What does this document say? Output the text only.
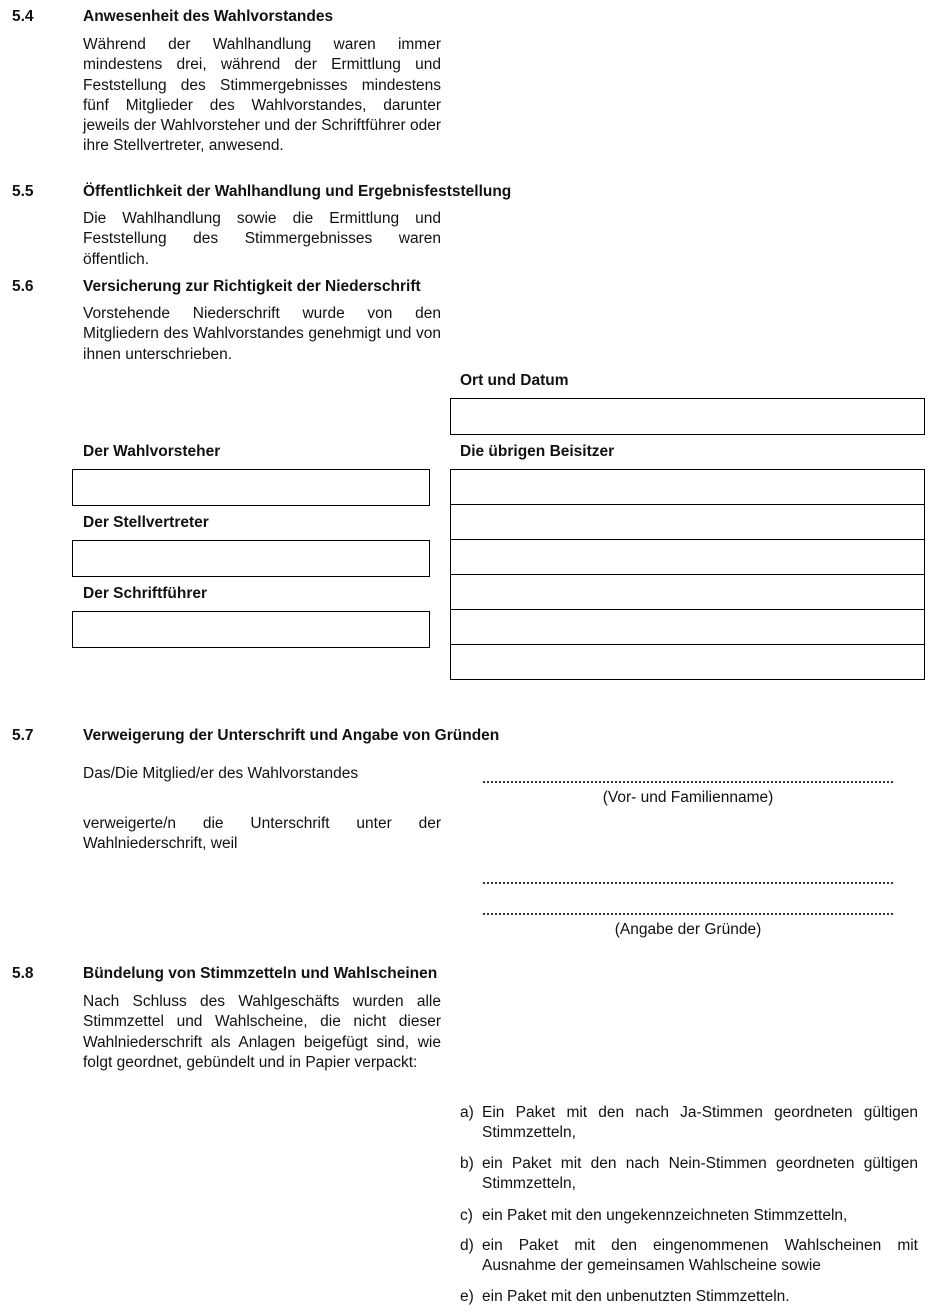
5.4	Anwesenheit des Wahlvorstandes
Während der Wahlhandlung waren immer mindestens drei, während der Ermittlung und Feststellung des Stimmergebnisses mindestens fünf Mitglieder des Wahlvorstandes, darunter jeweils der Wahlvorsteher und der Schriftführer oder ihre Stellvertreter, anwesend.
5.5	Öffentlichkeit der Wahlhandlung und Ergebnisfeststellung
Die Wahlhandlung sowie die Ermittlung und Feststellung des Stimmergebnisses waren öffentlich.
5.6	Versicherung zur Richtigkeit der Niederschrift
Vorstehende Niederschrift wurde von den Mitgliedern des Wahlvorstandes genehmigt und von ihnen unterschrieben.
Ort und Datum
Der Wahlvorsteher
Der Stellvertreter
Der Schriftführer
Die übrigen Beisitzer
5.7	Verweigerung der Unterschrift und Angabe von Gründen
Das/Die Mitglied/er des Wahlvorstandes
(Vor- und Familienname)
verweigerte/n die Unterschrift unter der Wahlniederschrift, weil
(Angabe der Gründe)
5.8	Bündelung von Stimmzetteln und Wahlscheinen
Nach Schluss des Wahlgeschäfts wurden alle Stimmzettel und Wahlscheine, die nicht dieser Wahlniederschrift als Anlagen beigefügt sind, wie folgt geordnet, gebündelt und in Papier verpackt:
a) Ein Paket mit den nach Ja-Stimmen geordneten gültigen Stimmzetteln,
b) ein Paket mit den nach Nein-Stimmen geordneten gültigen Stimmzetteln,
c) ein Paket mit den ungekennzeichneten Stimmzetteln,
d) ein Paket mit den eingenommenen Wahlscheinen mit Ausnahme der gemeinsamen Wahlscheine sowie
e) ein Paket mit den unbenutzten Stimmzetteln.
